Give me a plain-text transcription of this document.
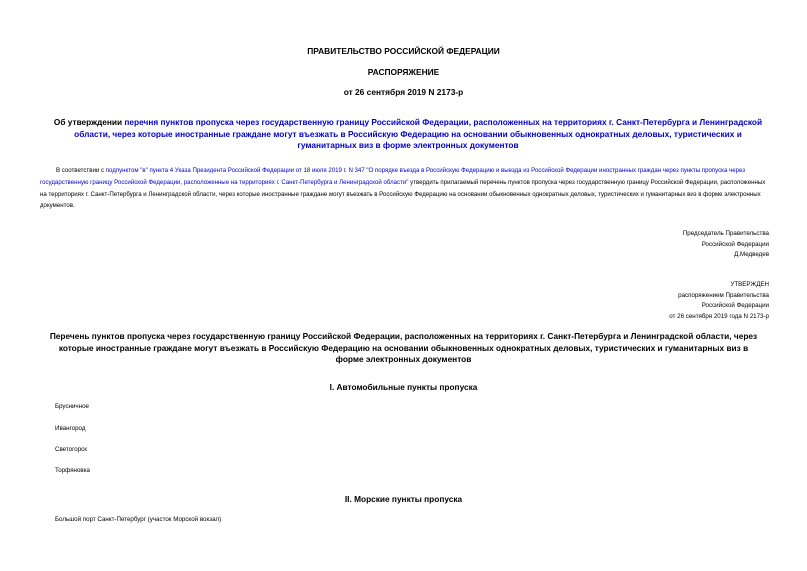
ПРАВИТЕЛЬСТВО РОССИЙСКОЙ ФЕДЕРАЦИИ
РАСПОРЯЖЕНИЕ
от 26 сентября 2019 N 2173-р
Об утверждении перечня пунктов пропуска через государственную границу Российской Федерации, расположенных на территориях г. Санкт-Петербурга и Ленинградской области, через которые иностранные граждане могут въезжать в Российскую Федерацию на основании обыкновенных однократных деловых, туристических и гуманитарных виз в форме электронных документов
В соответствии с подпунктом "в" пункта 4 Указа Президента Российской Федерации от 18 июля 2019 г. N 347 "О порядке въезда в Российскую Федерацию и выезда из Российской Федерации иностранных граждан через пункты пропуска через государственную границу Российской Федерации, расположенные на территориях г. Санкт-Петербурга и Ленинградской области" утвердить прилагаемый перечень пунктов пропуска через государственную границу Российской Федерации, расположенных на территориях г. Санкт-Петербурга и Ленинградской области, через которые иностранные граждане могут въезжать в Российскую Федерацию на основании обыкновенных однократных деловых, туристических и гуманитарных виз в форме электронных документов.
Председатель Правительства
Российской Федерации
Д.Медведев
УТВЕРЖДЕН
распоряжением Правительства
Российской Федерации
от 26 сентября 2019 года N 2173-р
Перечень пунктов пропуска через государственную границу Российской Федерации, расположенных на территориях г. Санкт-Петербурга и Ленинградской области, через которые иностранные граждане могут въезжать в Российскую Федерацию на основании обыкновенных однократных деловых, туристических и гуманитарных виз в форме электронных документов
I. Автомобильные пункты пропуска
Брусничное
Ивангород
Светогорск
Торфяновка
II. Морские пункты пропуска
Большой порт Санкт-Петербург (участок Морской вокзал)
